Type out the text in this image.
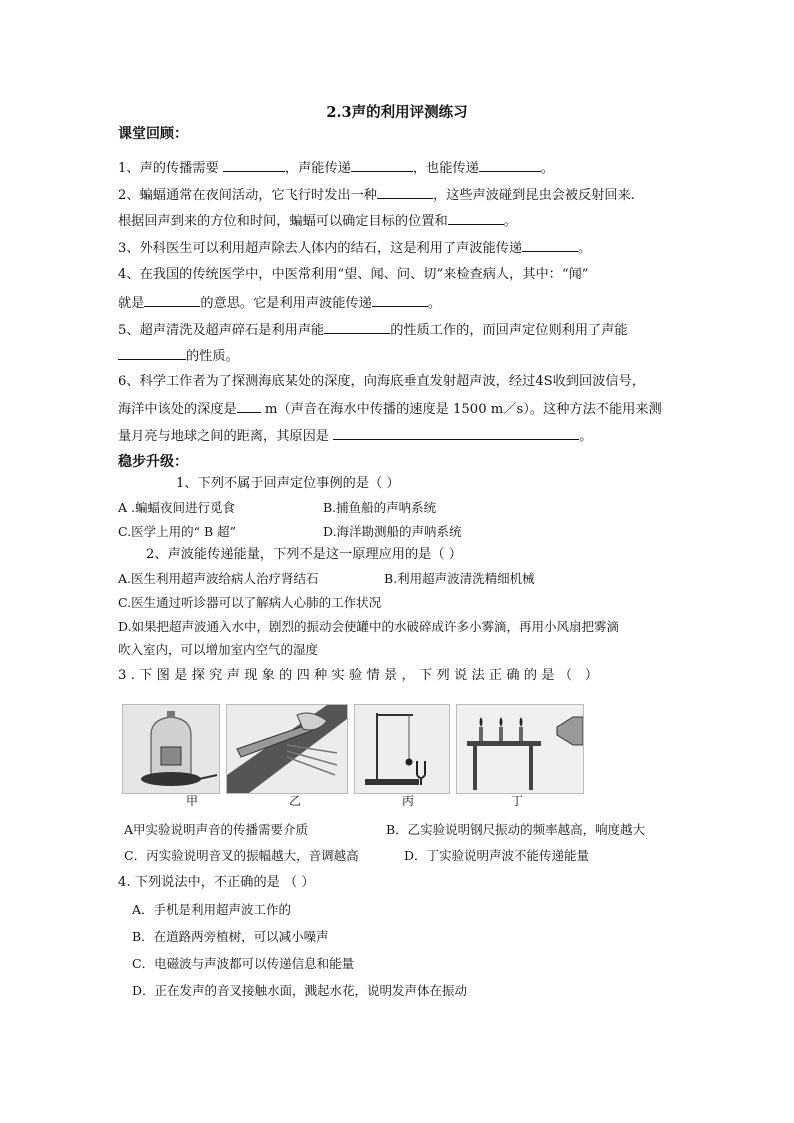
2.3声的利用评测练习
课堂回顾：
1、声的传播需要	，声能传递	，也能传递	。
2、蝙蝠通常在夜间活动，它飞行时发出一种	，这些声波碰到昆虫会被反射回来.
根据回声到来的方位和时间，蝙蝠可以确定目标的位置和	。
3、外科医生可以利用超声除去人体内的结石，这是利用了声波能传递	。
4、在我国的传统医学中，中医常利用“望、闻、问、切”来检查病人，其中：“闻”
就是	的意思。它是利用声波能传递	。
5、超声清洗及超声碎石是利用声能	的性质工作的，而回声定位则利用了声能
的性质。
6、科学工作者为了探测海底某处的深度，向海底垂直发射超声波，经过4S收到回波信号，
海洋中该处的深度是 m（声音在海水中传播的速度是 1500 m／s）。这种方法不能用来测
量月亮与地球之间的距离，其原因是	。
稳步升级：
1、下列不属于回声定位事例的是（ ）
A .蝙蝠夜间进行觅食	B.捕鱼船的声呐系统
C.医学上用的“ B 超”	D.海洋勘测船的声呐系统
2、声波能传递能量，下列不是这一原理应用的是（ ）
A.医生利用超声波给病人治疗肾结石	B.利用超声波清洗精细机械
C.医生通过听诊器可以了解病人心肺的工作状况
D.如果把超声波通入水中，剧烈的振动会使罐中的水破碎成许多小雾滴，再用小风扇把雾滴
吹入室内，可以增加室内空气的湿度
3.下图是探究声现象的四种实验情景，下列说法正确的是（ ）
甲	乙	丙	丁
A甲实验说明声音的传播需要介质	B．乙实验说明钢尺振动的频率越高，响度越大
C．丙实验说明音叉的振幅越大，音调越高	D．丁实验说明声波不能传递能量
4. 下列说法中，不正确的是 （ ）
A．手机是利用超声波工作的
B．在道路两旁植树，可以减小噪声
C．电磁波与声波都可以传递信息和能量
D．正在发声的音叉接触水面，溅起水花，说明发声体在振动
